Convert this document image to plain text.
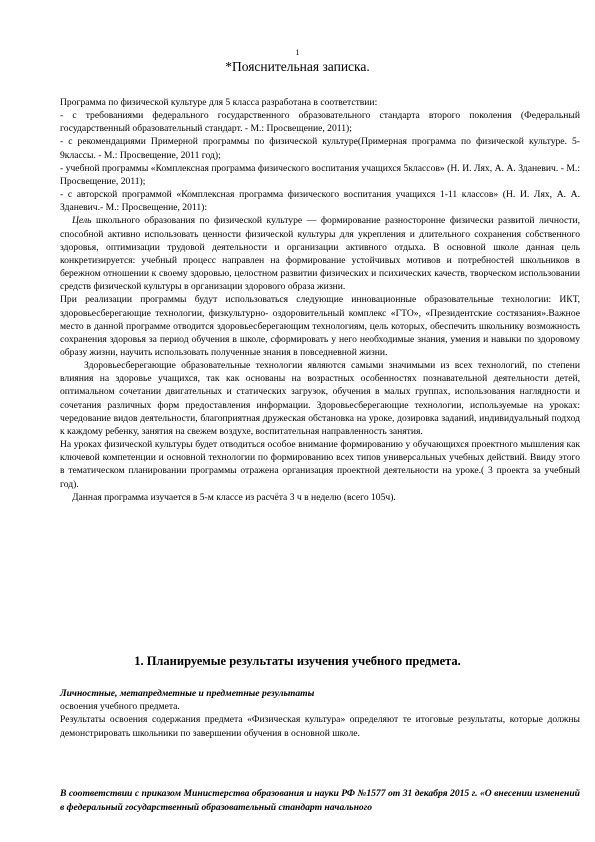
1
*Пояснительная записка.

Программа по физической культуре для 5 класса разработана в соответствии:

- с требованиями федерального государственного образовательного стандарта второго поколения (Федеральный государственный образовательный стандарт. - М.: Просвещение, 2011);

- с рекомендациями Примерной программы по физической культуре(Примерная программа по физической культуре. 5-9классы. - М.: Просвещение, 2011 год);

- учебной программы «Комплексная программа физического воспитания учащихся 5классов» (Н. И. Лях, А. А. Зданевич. - М.: Просвещение, 2011);

- с авторской программой «Комплексная программа физического воспитания учащихся 1-11 классов» (Н. И. Лях, А. А. Зданевич.- М.: Просвещение, 2011):

Цель школьного образования по физической культуре — формирование разносторонне физически развитой личности, способной активно использовать ценности физической культуры для укрепления и длительного сохранения собственного здоровья, оптимизации трудовой деятельности и организации активного отдыха. В основной школе данная цель конкретизируется: учебный процесс направлен на формирование устойчивых мотивов и потребностей школьников в бережном отношении к своему здоровью, целостном развитии физических и психических качеств, творческом использовании средств физической культуры в организации здорового образа жизни.

При реализации программы будут использоваться следующие инновационные образовательные технологии: ИКТ, здоровьесберегающие технологии, физкультурно- оздоровительный комплекс «ГТО», «Президентские состязания».Важное место в данной программе отводится здоровьесберегающим технологиям, цель которых, обеспечить школьнику возможность сохранения здоровья за период обучения в школе, сформировать у него необходимые знания, умения и навыки по здоровому образу жизни, научить использовать полученные знания в повседневной жизни.

Здоровьесберегающие образовательные технологии являются самыми значимыми из всех технологий, по степени влияния на здоровье учащихся, так как основаны на возрастных особенностях познавательной деятельности детей, оптимальном сочетании двигательных и статических загрузок, обучения в малых группах, использования наглядности и сочетания различных форм предоставления информации. Здоровьесберегающие технологии, используемые на уроках: чередование видов деятельности, благоприятная дружеская обстановка на уроке, дозировка заданий, индивидуальный подход к каждому ребенку, занятия на свежем воздухе, воспитательная направленность занятия.

На уроках физической культуры будет отводиться особое внимание формированию у обучающихся проектного мышления как ключевой компетенции и основной технологии по формированию всех типов универсальных учебных действий. Ввиду этого в тематическом планировании программы отражена организация проектной деятельности на уроке.( 3 проекта за учебный год).

Данная программа изучается в 5-м классе из расчёта 3 ч в неделю (всего 105ч).

1. Планируемые результаты изучения учебного предмета.

Личностные, метапредметные и предметные результаты

освоения учебного предмета.

Результаты освоения содержания предмета «Физическая культура» определяют те итоговые результаты, которые должны демонстрировать школьники по завершении обучения в основной школе.

В соответствии с приказом Министерства образования и науки РФ №1577 от 31 декабря 2015 г. «О внесении изменений в федеральный государственный образовательный стандарт начального
